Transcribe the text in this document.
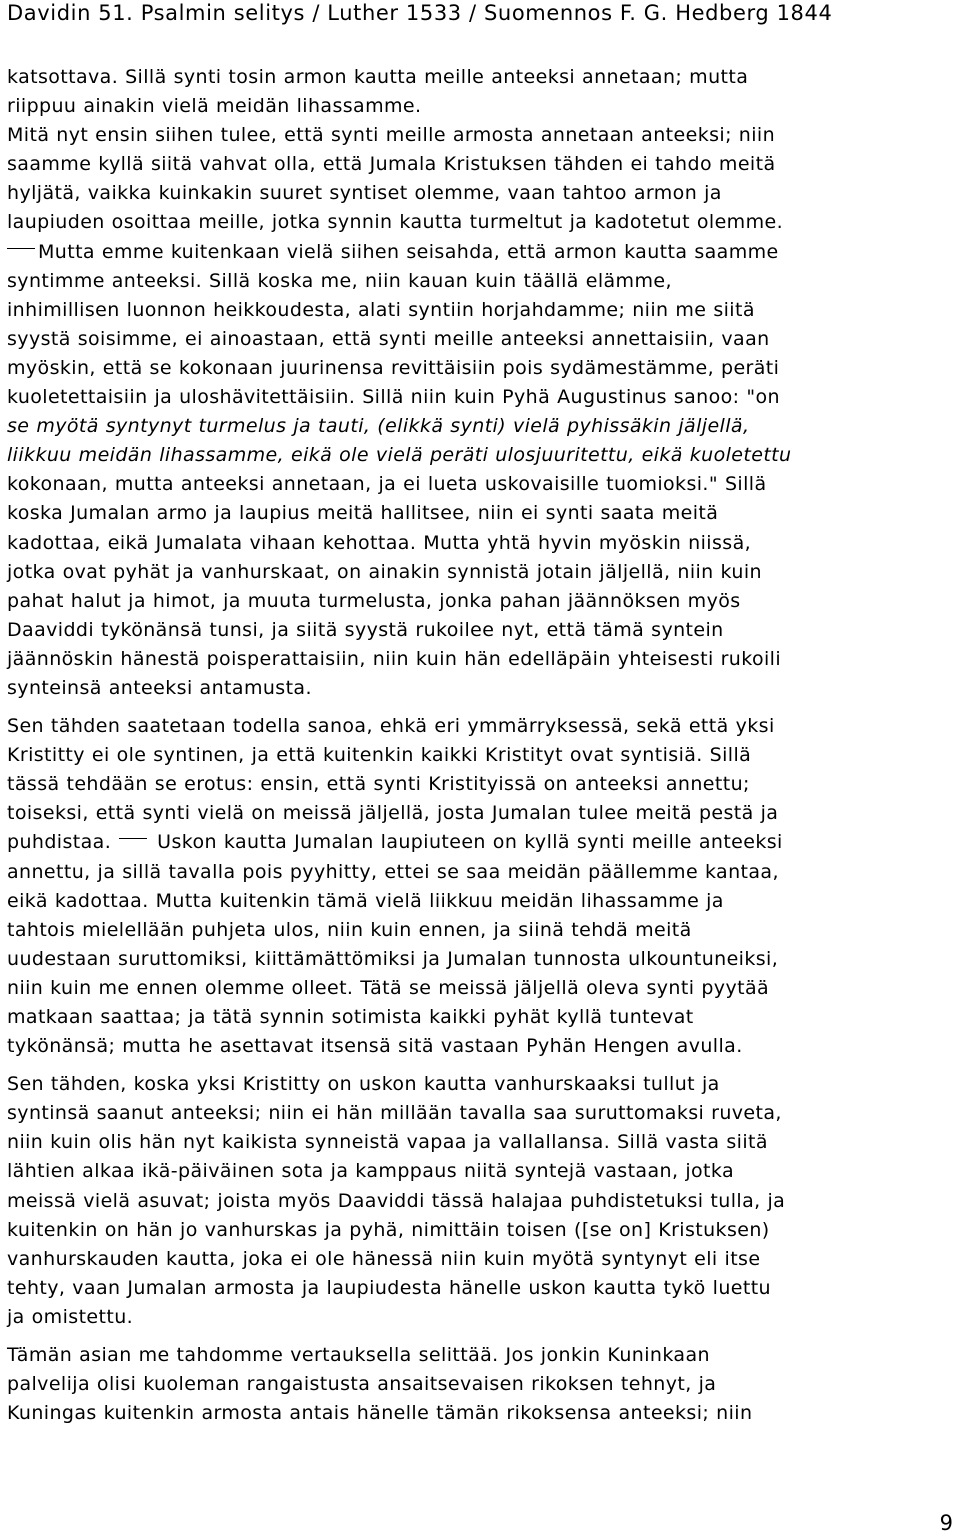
Davidin 51. Psalmin selitys / Luther 1533 / Suomennos F. G. Hedberg 1844

katsottava. Sillä synti tosin armon kautta meille anteeksi annetaan; mutta
riippuu ainakin vielä meidän lihassamme.

Mitä nyt ensin siihen tulee, että synti meille armosta annetaan anteeksi; niin
saamme kyllä siitä vahvat olla, että Jumala Kristuksen tähden ei tahdo meitä
hyljätä, vaikka kuinkakin suuret syntiset olemme, vaan tahtoo armon ja
laupiuden osoittaa meille, jotka synnin kautta turmeltut ja kadotetut olemme.
Mutta emme kuitenkaan vielä siihen seisahda, että armon kautta saamme
syntimme anteeksi. Sillä koska me, niin kauan kuin täällä elämme,
inhimillisen luonnon heikkoudesta, alati syntiin horjahdamme; niin me siitä
syystä soisimme, ei ainoastaan, että synti meille anteeksi annettaisiin, vaan
myöskin, että se kokonaan juurinensa revittäisiin pois sydämestämme, peräti
kuoletettaisiin ja uloshävitettäisiin. Sillä niin kuin Pyhä Augustinus sanoo: "on
se myötä syntynyt turmelus ja tauti, (elikkä synti) vielä pyhissäkin jäljellä,
liikkuu meidän lihassamme, eikä ole vielä peräti ulosjuuritettu, eikä kuoletettu
kokonaan, mutta anteeksi annetaan, ja ei lueta uskovaisille tuomioksi." Sillä
koska Jumalan armo ja laupius meitä hallitsee, niin ei synti saata meitä
kadottaa, eikä Jumalata vihaan kehottaa. Mutta yhtä hyvin myöskin niissä,
jotka ovat pyhät ja vanhurskaat, on ainakin synnistä jotain jäljellä, niin kuin
pahat halut ja himot, ja muuta turmelusta, jonka pahan jäännöksen myös
Daaviddi tykönänsä tunsi, ja siitä syystä rukoilee nyt, että tämä syntein
jäännöskin hänestä poisperattaisiin, niin kuin hän edelläpäin yhteisesti rukoili
synteinsä anteeksi antamusta.

Sen tähden saatetaan todella sanoa, ehkä eri ymmärryksessä, sekä että yksi
Kristitty ei ole syntinen, ja että kuitenkin kaikki Kristityt ovat syntisiä. Sillä
tässä tehdään se erotus: ensin, että synti Kristityissä on anteeksi annettu;
toiseksi, että synti vielä on meissä jäljellä, josta Jumalan tulee meitä pestä ja
puhdistaa. Uskon kautta Jumalan laupiuteen on kyllä synti meille anteeksi
annettu, ja sillä tavalla pois pyyhitty, ettei se saa meidän päällemme kantaa,
eikä kadottaa. Mutta kuitenkin tämä vielä liikkuu meidän lihassamme ja
tahtois mielellään puhjeta ulos, niin kuin ennen, ja siinä tehdä meitä
uudestaan suruttomiksi, kiittämättömiksi ja Jumalan tunnosta ulkountuneiksi,
niin kuin me ennen olemme olleet. Tätä se meissä jäljellä oleva synti pyytää
matkaan saattaa; ja tätä synnin sotimista kaikki pyhät kyllä tuntevat
tykönänsä; mutta he asettavat itsensä sitä vastaan Pyhän Hengen avulla.

Sen tähden, koska yksi Kristitty on uskon kautta vanhurskaaksi tullut ja
syntinsä saanut anteeksi; niin ei hän millään tavalla saa suruttomaksi ruveta,
niin kuin olis hän nyt kaikista synneistä vapaa ja vallallansa. Sillä vasta siitä
lähtien alkaa ikä-päiväinen sota ja kamppaus niitä syntejä vastaan, jotka
meissä vielä asuvat; joista myös Daaviddi tässä halajaa puhdistetuksi tulla, ja
kuitenkin on hän jo vanhurskas ja pyhä, nimittäin toisen ([se on] Kristuksen)
vanhurskauden kautta, joka ei ole hänessä niin kuin myötä syntynyt eli itse
tehty, vaan Jumalan armosta ja laupiudesta hänelle uskon kautta tykö luettu
ja omistettu.

Tämän asian me tahdomme vertauksella selittää. Jos jonkin Kuninkaan
palvelija olisi kuoleman rangaistusta ansaitsevaisen rikoksen tehnyt, ja
Kuningas kuitenkin armosta antais hänelle tämän rikoksensa anteeksi; niin

9
